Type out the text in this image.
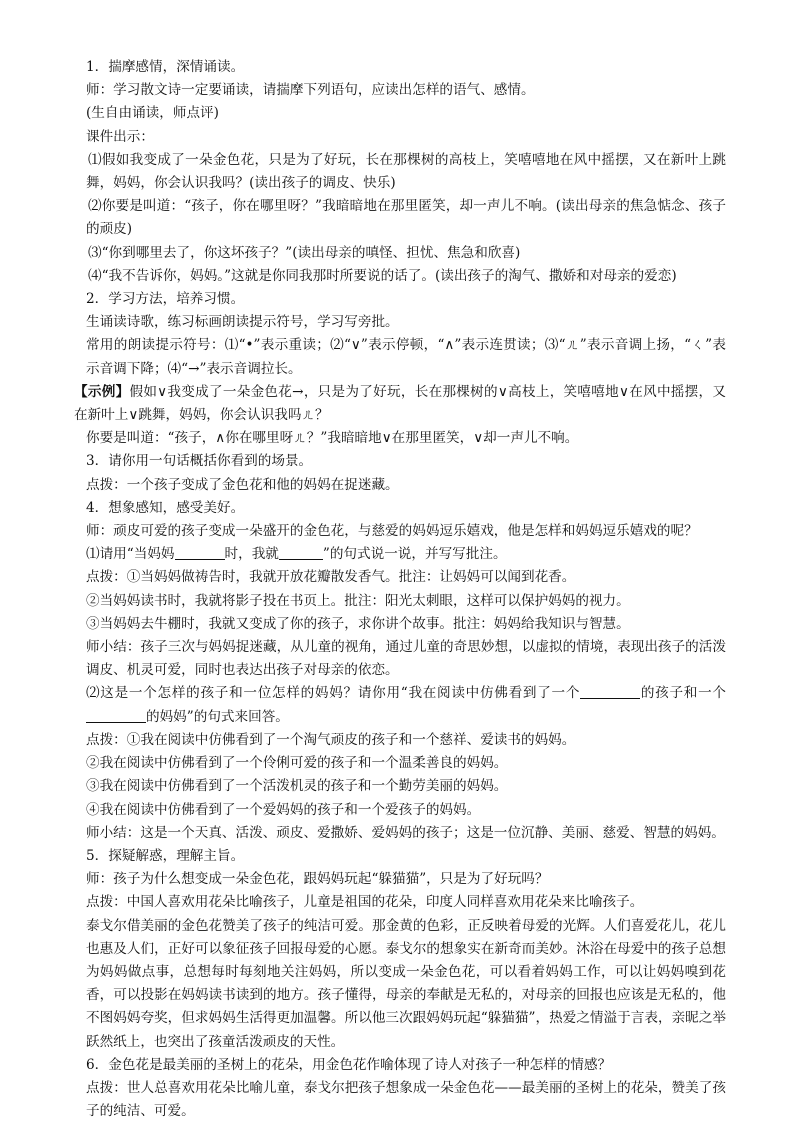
1．揣摩感情，深情诵读。

师：学习散文诗一定要诵读，请揣摩下列语句，应读出怎样的语气、感情。

(生自由诵读，师点评)

课件出示：

⑴假如我变成了一朵金色花，只是为了好玩，长在那棵树的高枝上，笑嘻嘻地在风中摇摆，又在新叶上跳舞，妈妈，你会认识我吗？(读出孩子的调皮、快乐)

⑵你要是叫道：“孩子，你在哪里呀？”我暗暗地在那里匿笑，却一声儿不响。(读出母亲的焦急惦念、孩子的顽皮)

⑶“你到哪里去了，你这坏孩子？”(读出母亲的嗔怪、担忧、焦急和欣喜)

⑷“我不告诉你，妈妈。”这就是你同我那时所要说的话了。(读出孩子的淘气、撒娇和对母亲的爱恋)

2．学习方法，培养习惯。

生诵读诗歌，练习标画朗读提示符号，学习写旁批。

常用的朗读提示符号：⑴“•”表示重读；⑵“∨”表示停顿，“∧”表示连贯读；⑶“ㄦ”表示音调上扬，“ㄑ”表示音调下降；⑷“→”表示音调拉长。

【示例】假如∨我变成了一朵金色花→，只是为了好玩，长在那棵树的∨高枝上，笑嘻嘻地∨在风中摇摆，又在新叶上∨跳舞，妈妈，你会认识我吗ㄦ？

你要是叫道：“孩子，∧你在哪里呀ㄦ？”我暗暗地∨在那里匿笑，∨却一声儿不响。

3．请你用一句话概括你看到的场景。

点拨：一个孩子变成了金色花和他的妈妈在捉迷藏。

4．想象感知，感受美好。

师：顽皮可爱的孩子变成一朵盛开的金色花，与慈爱的妈妈逗乐嬉戏，他是怎样和妈妈逗乐嬉戏的呢？

⑴请用“当妈妈	时，我就	”的句式说一说，并写写批注。

点拨：①当妈妈做祷告时，我就开放花瓣散发香气。批注：让妈妈可以闻到花香。

②当妈妈读书时，我就将影子投在书页上。批注：阳光太刺眼，这样可以保护妈妈的视力。

③当妈妈去牛棚时，我就又变成了你的孩子，求你讲个故事。批注：妈妈给我知识与智慧。

师小结：孩子三次与妈妈捉迷藏，从儿童的视角，通过儿童的奇思妙想，以虚拟的情境，表现出孩子的活泼调皮、机灵可爱，同时也表达出孩子对母亲的依恋。

⑵这是一个怎样的孩子和一位怎样的妈妈？请你用“我在阅读中仿佛看到了一个	的孩子和一个的妈妈”的句式来回答。

点拨：①我在阅读中仿佛看到了一个淘气顽皮的孩子和一个慈祥、爱读书的妈妈。

②我在阅读中仿佛看到了一个伶俐可爱的孩子和一个温柔善良的妈妈。

③我在阅读中仿佛看到了一个活泼机灵的孩子和一个勤劳美丽的妈妈。

④我在阅读中仿佛看到了一个爱妈妈的孩子和一个爱孩子的妈妈。

师小结：这是一个天真、活泼、顽皮、爱撒娇、爱妈妈的孩子；这是一位沉静、美丽、慈爱、智慧的妈妈。

5．探疑解惑，理解主旨。

师：孩子为什么想变成一朵金色花，跟妈妈玩起“躲猫猫”，只是为了好玩吗？

点拨：中国人喜欢用花朵比喻孩子，儿童是祖国的花朵，印度人同样喜欢用花朵来比喻孩子。

泰戈尔借美丽的金色花赞美了孩子的纯洁可爱。那金黄的色彩，正反映着母爱的光辉。人们喜爱花儿，花儿也惠及人们，正好可以象征孩子回报母爱的心愿。泰戈尔的想象实在新奇而美妙。沐浴在母爱中的孩子总想为妈妈做点事，总想每时每刻地关注妈妈，所以变成一朵金色花，可以看着妈妈工作，可以让妈妈嗅到花香，可以投影在妈妈读书读到的地方。孩子懂得，母亲的奉献是无私的，对母亲的回报也应该是无私的，他不图妈妈夸奖，但求妈妈生活得更加温馨。所以他三次跟妈妈玩起“躲猫猫”，热爱之情溢于言表，亲昵之举跃然纸上，也突出了孩童活泼顽皮的天性。

6．金色花是最美丽的圣树上的花朵，用金色花作喻体现了诗人对孩子一种怎样的情感？

点拨：世人总喜欢用花朵比喻儿童，泰戈尔把孩子想象成一朵金色花——最美丽的圣树上的花朵，赞美了孩子的纯洁、可爱。
